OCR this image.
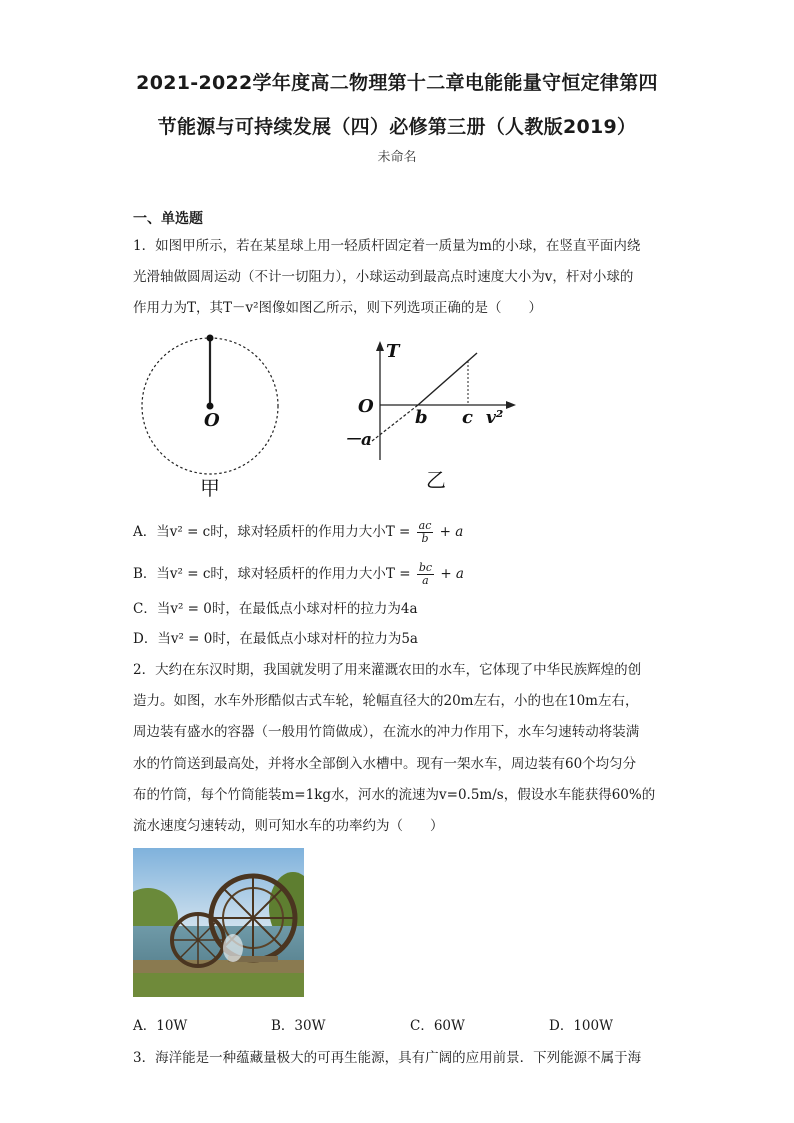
2021-2022学年度高二物理第十二章电能能量守恒定律第四
节能源与可持续发展（四）必修第三册（人教版2019）
未命名
一、单选题
1．如图甲所示，若在某星球上用一轻质杆固定着一质量为m的小球，在竖直平面内绕
光滑轴做圆周运动（不计一切阻力），小球运动到最高点时速度大小为v，杆对小球的
作用力为T，其T－v²图像如图乙所示，则下列选项正确的是（　　）
O
甲
T
O
b c v²
－a
乙
A．当v² = c时，球对轻质杆的作用力大小$T = \frac{ac}{b} + a$
B．当v² = c时，球对轻质杆的作用力大小$T = \frac{bc}{a} + a$
C．当v² = 0时，在最低点小球对杆的拉力为4a
D．当v² = 0时，在最低点小球对杆的拉力为5a
2．大约在东汉时期，我国就发明了用来灌溉农田的水车，它体现了中华民族辉煌的创
造力。如图，水车外形酷似古式车轮，轮幅直径大的20m左右，小的也在10m左右，
周边装有盛水的容器（一般用竹筒做成），在流水的冲力作用下，水车匀速转动将装满
水的竹筒送到最高处，并将水全部倒入水槽中。现有一架水车，周边装有60个均匀分
布的竹筒，每个竹筒能装m=1kg水，河水的流速为v=0.5m/s，假设水车能获得60%的
流水速度匀速转动，则可知水车的功率约为（　　）
A．10W	B．30W	C．60W	D．100W
3．海洋能是一种蕴藏量极大的可再生能源，具有广阔的应用前景．下列能源不属于海
